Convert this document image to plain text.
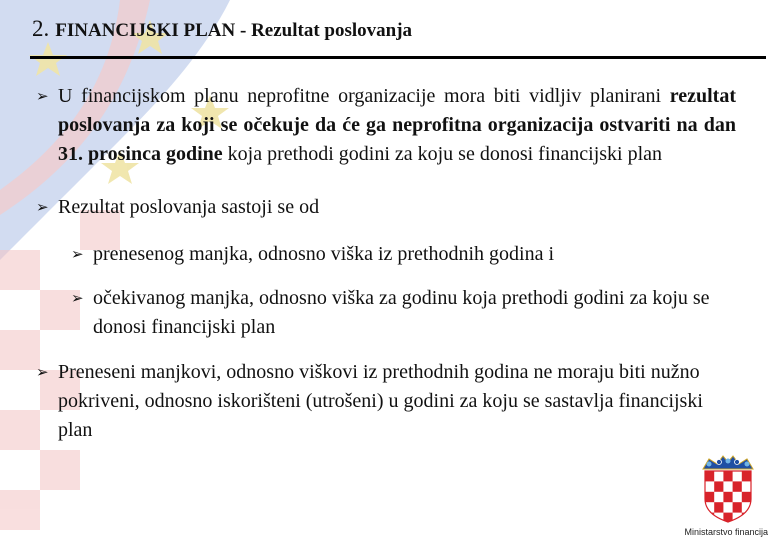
2. FINANCIJSKI PLAN - Rezultat poslovanja
➢ U financijskom planu neprofitne organizacije mora biti vidljiv planirani rezultat poslovanja za koji se očekuje da će ga neprofitna organizacija ostvariti na dan 31. prosinca godine koja prethodi godini za koju se donosi financijski plan
➢ Rezultat poslovanja sastoji se od
➢ prenesenog manjka, odnosno viška iz prethodnih godina i
➢ očekivanog manjka, odnosno viška za godinu koja prethodi godini za koju se donosi financijski plan
➢ Preneseni manjkovi, odnosno viškovi iz prethodnih godina ne moraju biti nužno pokriveni, odnosno iskorišteni (utrošeni) u godini za koju se sastavlja financijski plan
Ministarstvo financija
